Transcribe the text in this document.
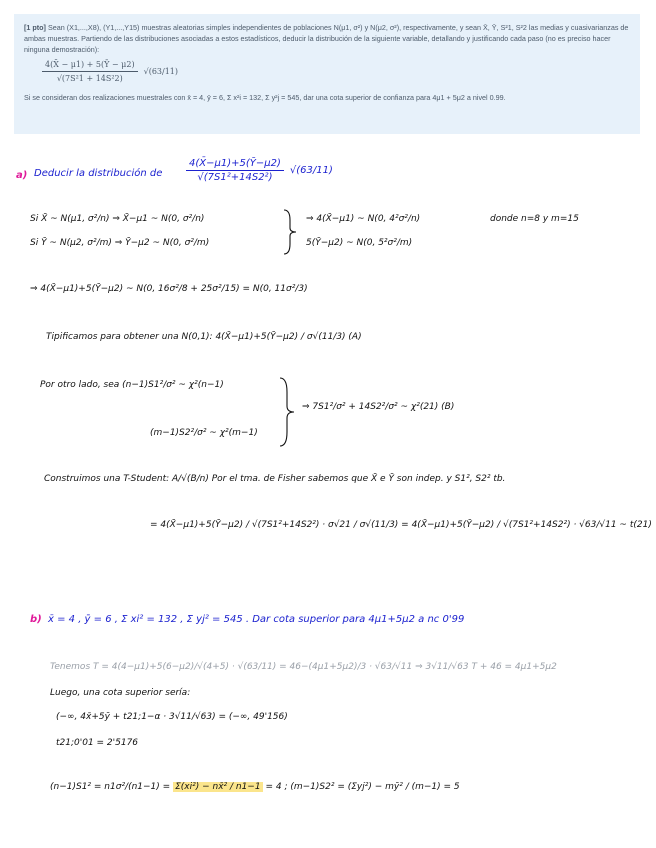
[1 pto] Sean (X1,...,X8), (Y1,...,Y15) muestras aleatorias simples independientes de poblaciones N(μ1, σ²) y N(μ2, σ²), respectivamente, y sean X̄, Ȳ, S²1, S²2 las medias y cuasivarianzas de ambas muestras. Partiendo de las distribuciones asociadas a estos estadísticos, deducir la distribución de la siguiente variable, detallando y justificando cada paso (no es preciso hacer ninguna demostración):
$\frac{4(X̄ - \mu 1) + 5(Ȳ - \mu 2)}{\text{√(7S²1 + 14S²2)}} √(63/11)$
Si se consideran dos realizaciones muestrales con x̄ = 4, ȳ = 6, Σ x²i = 132, Σ y²j = 545, dar una cota superior de confianza para 4μ1 + 5μ2 a nivel 0.99.
a) Deducir la distribución de $\frac{4(X̄-\mu 1)+5(Ȳ-\mu 2)}{\text{√(7S1²+14S2²)}} √(63/11)$
Si X̄ ~ N(μ1, σ²/n) ⇒ X̄−μ1 ~ N(0, σ²/n)
Si Ȳ ~ N(μ2, σ²/m) ⇒ Ȳ−μ2 ~ N(0, σ²/m)
⇒ 4(X̄−μ1) ~ N(0, 4²σ²/n)
5(Ȳ−μ2) ~ N(0, 5²σ²/m)
donde n=8 y m=15
⇒ 4(X̄−μ1)+5(Ȳ−μ2) ~ N(0, 16σ²/8 + 25σ²/15) = N(0, 11σ²/3)
Tipificamos para obtener una N(0,1): 4(X̄−μ1)+5(Ȳ−μ2) / σ√(11/3) (A)
Por otro lado, sea (n−1)S1²/σ² ~ χ²(n−1)
(m−1)S2²/σ² ~ χ²(m−1)
⇒ 7S1²/σ² + 14S2²/σ² ~ χ²(21) (B)
Construimos una T-Student: A/√(B/n) Por el tma. de Fisher sabemos que X̄ e Ȳ son indep. y S1², S2² tb.
= 4(X̄−μ1)+5(Ȳ−μ2) / √(7S1²+14S2²) · σ√21 / σ√(11/3) = 4(X̄−μ1)+5(Ȳ−μ2) / √(7S1²+14S2²) · √63/√11 ~ t(21)
b) x̄ = 4 , ȳ = 6 , Σ xi² = 132 , Σ yj² = 545 . Dar cota superior para 4μ1+5μ2 a nc 0'99
Tenemos T = 4(4−μ1)+5(6−μ2)/√(4+5) · √(63/11) = 46−(4μ1+5μ2)/3 · √63/√11 ⇒ 3√11/√63 T + 46 = 4μ1+5μ2
Luego, una cota superior sería:
(−∞, 4x̄+5ȳ + t21;1−α · 3√11/√63) = (−∞, 49'156)
t21;0'01 = 2'5176
(n−1)S1² = n1σ²/(n1−1) = Σ(xi²) − nx̄² / n1−1 = 4 ; (m−1)S2² = (Σyj²) − mȳ² / (m−1) = 5
